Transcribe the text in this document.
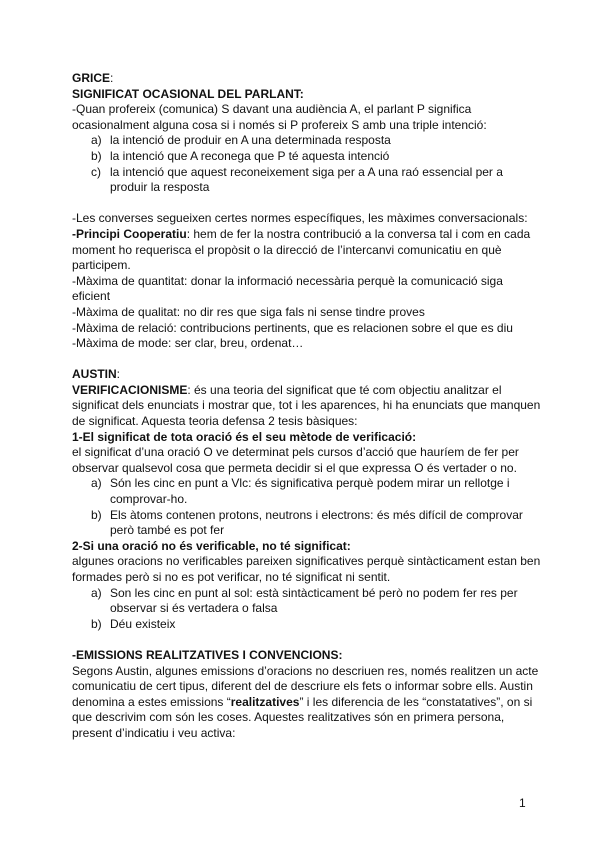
GRICE:

SIGNIFICAT OCASIONAL DEL PARLANT:

-Quan profereix (comunica) S davant una audiència A, el parlant P significa ocasionalment alguna cosa si i només si P profereix S amb una triple intenció:

a) la intenció de produir en A una determinada resposta
b) la intenció que A reconega que P té aquesta intenció
c) la intenció que aquest reconeixement siga per a A una raó essencial per a produir la resposta

-Les converses segueixen certes normes específiques, les màximes conversacionals:

-Principi Cooperatiu: hem de fer la nostra contribució a la conversa tal i com en cada moment ho requerisca el propòsit o la direcció de l’intercanvi comunicatiu en què participem.

-Màxima de quantitat: donar la informació necessària perquè la comunicació siga eficient

-Màxima de qualitat: no dir res que siga fals ni sense tindre proves

-Màxima de relació: contribucions pertinents, que es relacionen sobre el que es diu

-Màxima de mode: ser clar, breu, ordenat…

AUSTIN:

VERIFICACIONISME: és una teoria del significat que té com objectiu analitzar el significat dels enunciats i mostrar que, tot i les aparences, hi ha enunciats que manquen de significat. Aquesta teoria defensa 2 tesis bàsiques:

1-El significat de tota oració és el seu mètode de verificació:

el significat d’una oració O ve determinat pels cursos d’acció que hauríem de fer per observar qualsevol cosa que permeta decidir si el que expressa O és vertader o no.

a) Són les cinc en punt a Vlc: és significativa perquè podem mirar un rellotge i comprovar-ho.
b) Els àtoms contenen protons, neutrons i electrons: és més difícil de comprovar però també es pot fer

2-Si una oració no és verificable, no té significat:

algunes oracions no verificables pareixen significatives perquè sintàcticament estan ben formades però si no es pot verificar, no té significat ni sentit.

a) Son les cinc en punt al sol: està sintàcticament bé però no podem fer res per observar si és vertadera o falsa
b) Déu existeix

-EMISSIONS REALITZATIVES I CONVENCIONS:

Segons Austin, algunes emissions d’oracions no descriuen res, només realitzen un acte comunicatiu de cert tipus, diferent del de descriure els fets o informar sobre ells. Austin denomina a estes emissions “realitzatives” i les diferencia de les “constatatives”, on si que descrivim com són les coses. Aquestes realitzatives són en primera persona, present d’indicatiu i veu activa:

1
